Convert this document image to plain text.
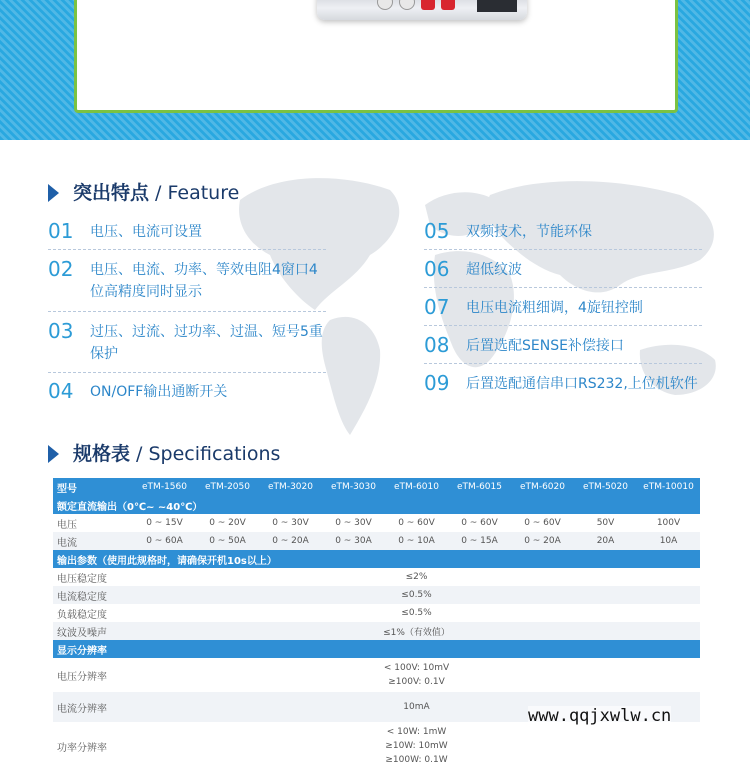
突出特点 / Feature
01	电压、电流可设置
02	电压、电流、功率、等效电阻4窗口4位高精度同时显示
03	过压、过流、过功率、过温、短号5重保护
04	ON/OFF输出通断开关
05	双频技术，节能环保
06	超低纹波
07	电压电流粗细调，4旋钮控制
08	后置选配SENSE补偿接口
09	后置选配通信串口RS232,上位机软件
规格表 / Specifications
型号	eTM-1560	eTM-2050	eTM-3020	eTM-3030	eTM-6010	eTM-6015	eTM-6020	eTM-5020	eTM-10010
额定直流输出（0℃~ ~40℃）									
电压	0 ~ 15V	0 ~ 20V	0 ~ 30V	0 ~ 30V	0 ~ 60V	0 ~ 60V	0 ~ 60V	50V	100V
电流	0 ~ 60A	0 ~ 50A	0 ~ 20A	0 ~ 30A	0 ~ 10A	0 ~ 15A	0 ~ 20A	20A	10A
输出参数（使用此规格时，请确保开机10s以上）									
电压稳定度	≤2%								
电流稳定度	≤0.5%								
负载稳定度	≤0.5%								
纹波及噪声	≤1%（有效值）								
显示分辨率									
电压分辨率	< 100V: 10mV
≥100V: 0.1V								

电流分辨率	10mA								
功率分辨率	< 10W: 1mW
≥10W: 10mW
≥100W: 0.1W								
www.qqjxwlw.cn
